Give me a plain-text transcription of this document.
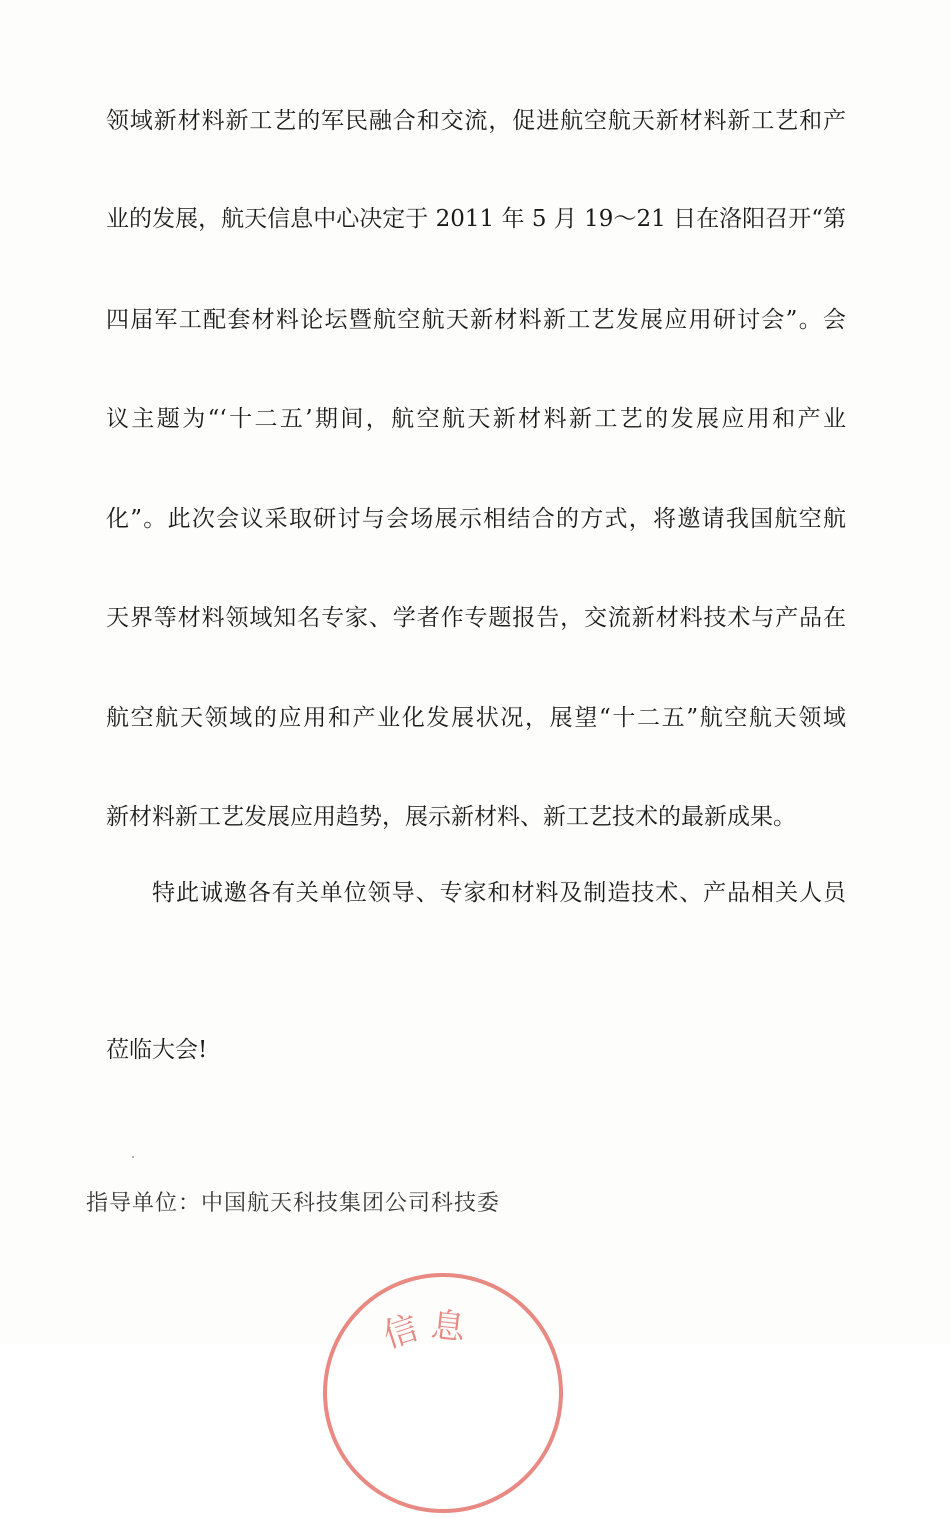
领域新材料新工艺的军民融合和交流，促进航空航天新材料新工艺和产
业的发展，航天信息中心决定于 2011 年 5 月 19～21 日在洛阳召开“第
四届军工配套材料论坛暨航空航天新材料新工艺发展应用研讨会”。会
议主题为“‘十二五’期间，航空航天新材料新工艺的发展应用和产业
化”。此次会议采取研讨与会场展示相结合的方式，将邀请我国航空航
天界等材料领域知名专家、学者作专题报告，交流新材料技术与产品在
航空航天领域的应用和产业化发展状况，展望“十二五”航空航天领域
新材料新工艺发展应用趋势，展示新材料、新工艺技术的最新成果。
特此诚邀各有关单位领导、专家和材料及制造技术、产品相关人员
莅临大会!
指导单位：中国航天科技集团公司科技委
信 息
